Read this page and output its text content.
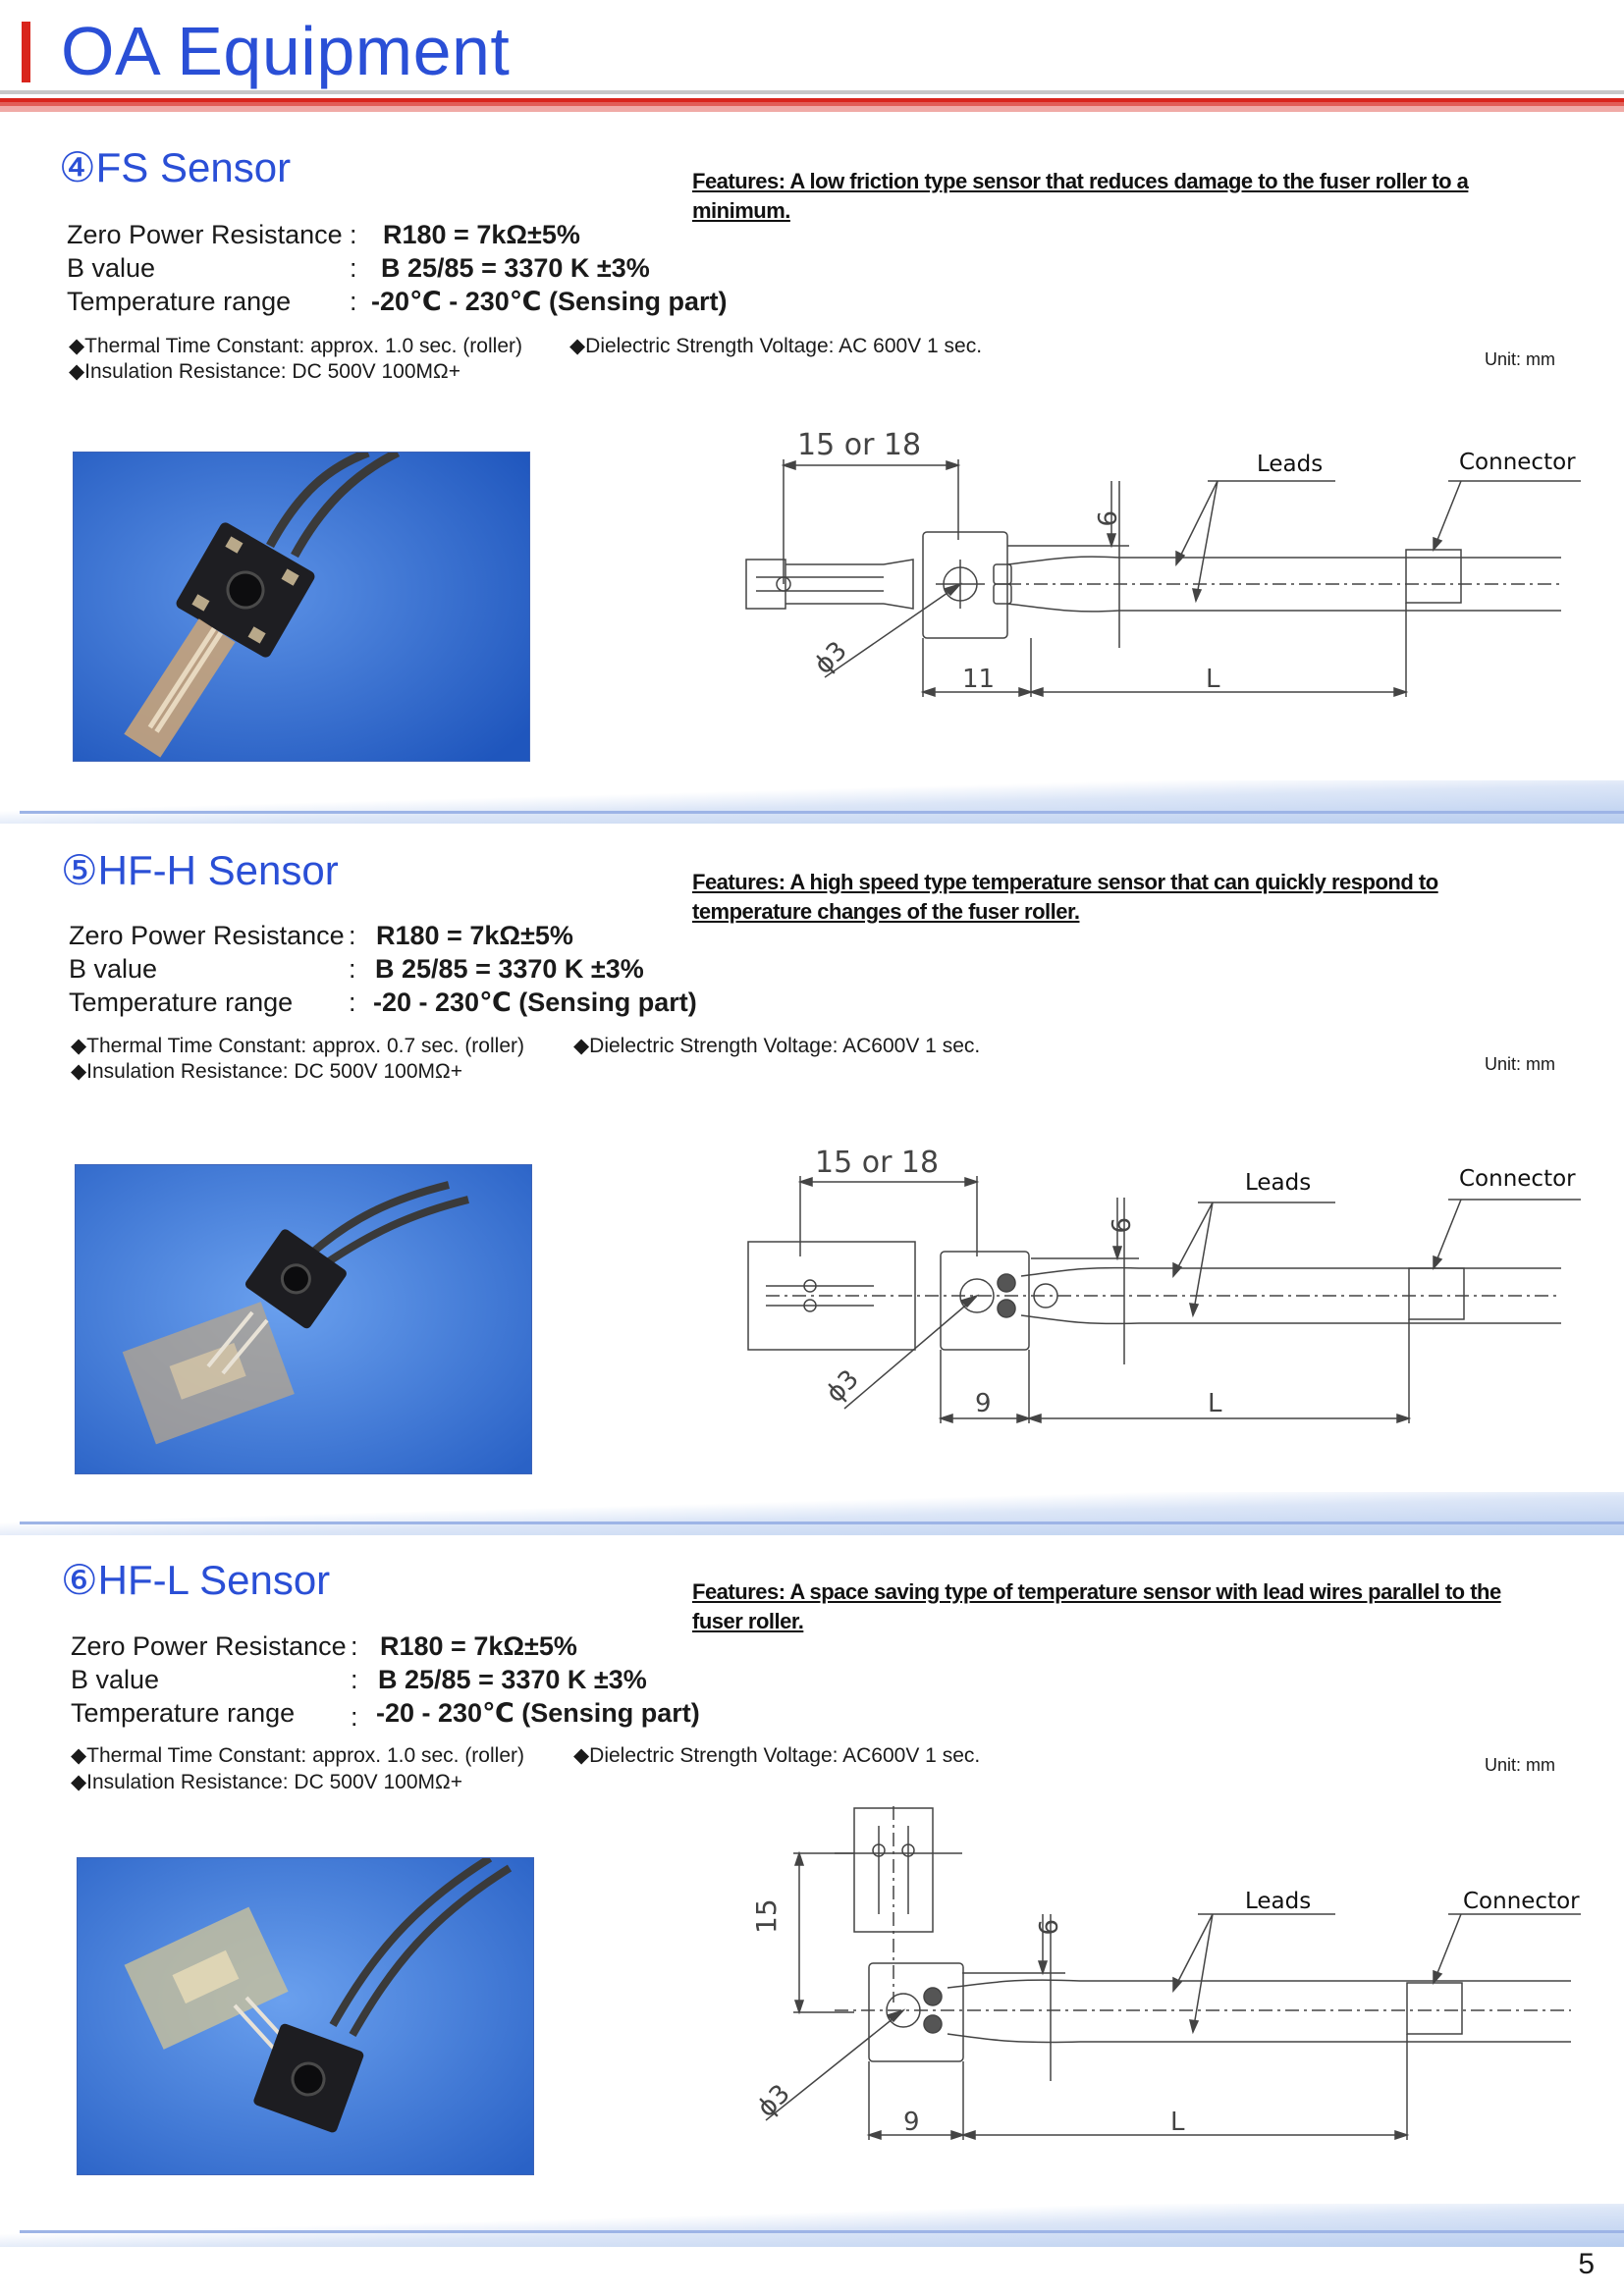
OA Equipment
④FS Sensor	Features: A low friction type sensor that reduces damage to the fuser roller to a minimum.
Zero Power Resistance : R180 = 7kΩ±5%
B value	: B 25/85 = 3370 K ±3%
Temperature range : -20℃ - 230℃ (Sensing part)
◆Thermal Time Constant: approx. 1.0 sec. (roller) ◆Dielectric Strength Voltage: AC 600V 1 sec.
◆Insulation Resistance: DC 500V 100MΩ+
Unit: mm
15 or 18
9
ϕ3	11	L
Leads	Connector
⑤HF-H Sensor	Features: A high speed type temperature sensor that can quickly respond to temperature changes of the fuser roller.
Zero Power Resistance : R180 = 7kΩ±5%
B value	: B 25/85 = 3370 K ±3%
Temperature range : -20 - 230℃ (Sensing part)
◆Thermal Time Constant: approx. 0.7 sec. (roller) ◆Dielectric Strength Voltage: AC600V 1 sec.
◆Insulation Resistance: DC 500V 100MΩ+	Unit: mm
15 or 18
9
ϕ3	9	L
Leads	Connector
⑥HF-L Sensor	Features: A space saving type of temperature sensor with lead wires parallel to the fuser roller.
Zero Power Resistance : R180 = 7kΩ±5%
B value	: B 25/85 = 3370 K ±3%
Temperature range : -20 - 230℃ (Sensing part)
◆Thermal Time Constant: approx. 1.0 sec. (roller) ◆Dielectric Strength Voltage: AC600V 1 sec.
◆Insulation Resistance: DC 500V 100MΩ+
Unit: mm
15	9
ϕ3	9	L
Leads	Connector
5
